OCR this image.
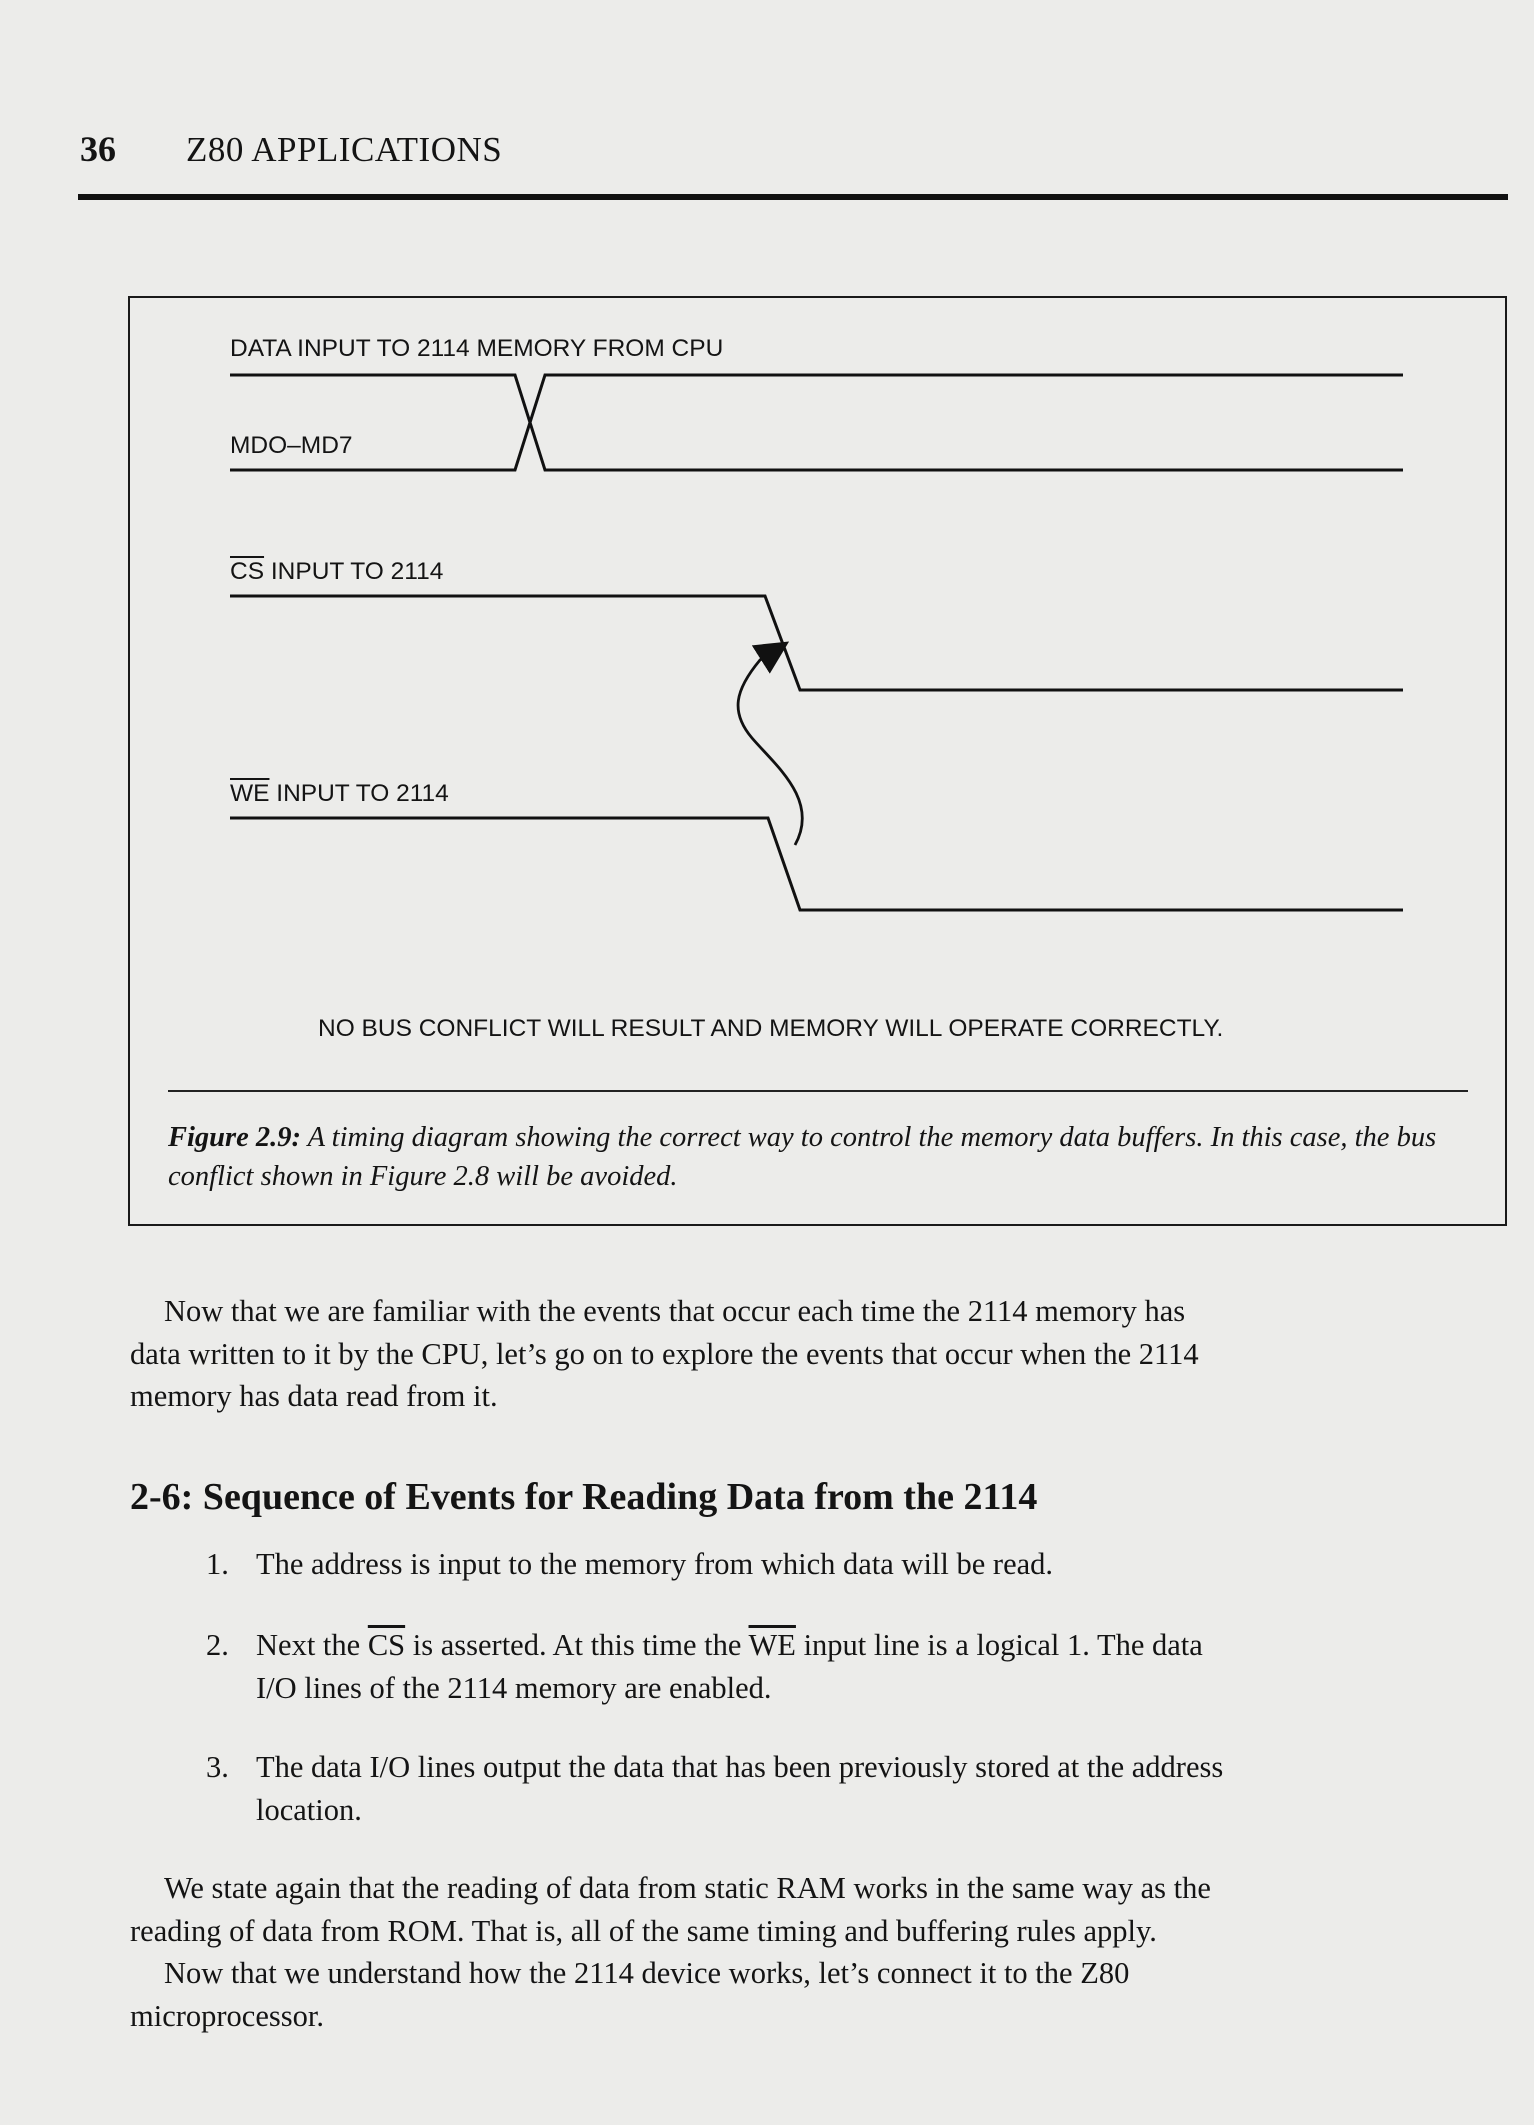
36 Z80 APPLICATIONS
DATA INPUT TO 2114 MEMORY FROM CPU
MDO–MD7
$\overline{CS}$ INPUT TO 2114
$\overline{WE}$ INPUT TO 2114
NO BUS CONFLICT WILL RESULT AND MEMORY WILL OPERATE CORRECTLY.
Figure 2.9: A timing diagram showing the correct way to control the memory data buffers. In this case, the bus conflict shown in Figure 2.8 will be avoided.
Now that we are familiar with the events that occur each time the 2114 memory has data written to it by the CPU, let’s go on to explore the events that occur when the 2114 memory has data read from it.
2-6: Sequence of Events for Reading Data from the 2114
1. The address is input to the memory from which data will be read.
2. Next the $\overline{CS}$ is asserted. At this time the $\overline{WE}$ input line is a logical 1. The data I/O lines of the 2114 memory are enabled.
3. The data I/O lines output the data that has been previously stored at the address location.
We state again that the reading of data from static RAM works in the same way as the reading of data from ROM. That is, all of the same timing and buffering rules apply.
Now that we understand how the 2114 device works, let’s connect it to the Z80 microprocessor.
